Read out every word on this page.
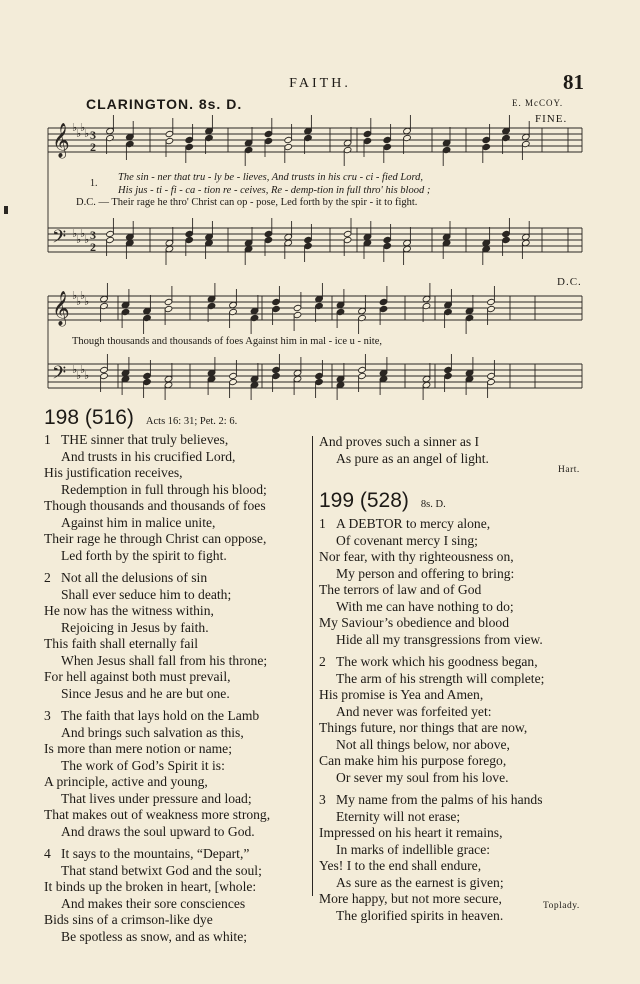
FAITH.	81
CLARINGTON. 8s. D.	E. McCOY.
FINE.
D.C.
𝄞
𝄢
♭
♭
♭
♭
♭
♭
♭
♭
3
2
3
2
𝄞
𝄢
♭
♭
♭
♭
♭
♭
♭
♭
1.
The sin - ner that tru - ly be - lieves, And trusts in his cru - ci - fied Lord,
His jus - ti - fi - ca - tion re - ceives, Re - demp-tion in full thro' his blood ;
D.C. — Their rage he thro' Christ can op - pose, Led forth by the spir - it to fight.
Though thousands and thousands of foes Against him in mal - ice u - nite,
198 (516) Acts 16: 31; Pet. 2: 6.
1 THE sinner that truly believes,
And trusts in his crucified Lord,
His justification receives,
Redemption in full through his blood;
Though thousands and thousands of foes
Against him in malice unite,
Their rage he through Christ can oppose,
Led forth by the spirit to fight.
2 Not all the delusions of sin
Shall ever seduce him to death;
He now has the witness within,
Rejoicing in Jesus by faith.
This faith shall eternally fail
When Jesus shall fall from his throne;
For hell against both must prevail,
Since Jesus and he are but one.
3 The faith that lays hold on the Lamb
And brings such salvation as this,
Is more than mere notion or name;
The work of God’s Spirit it is:
A principle, active and young,
That lives under pressure and load;
That makes out of weakness more strong,
And draws the soul upward to God.
4 It says to the mountains, “Depart,”
That stand betwixt God and the soul;
It binds up the broken in heart, [whole:
And makes their sore consciences
Bids sins of a crimson-like dye
Be spotless as snow, and as white;
And proves such a sinner as I
As pure as an angel of light.
Hart.
199 (528) 8s. D.
1 A DEBTOR to mercy alone,
Of covenant mercy I sing;
Nor fear, with thy righteousness on,
My person and offering to bring:
The terrors of law and of God
With me can have nothing to do;
My Saviour’s obedience and blood
Hide all my transgressions from view.
2 The work which his goodness began,
The arm of his strength will complete;
His promise is Yea and Amen,
And never was forfeited yet:
Things future, nor things that are now,
Not all things below, nor above,
Can make him his purpose forego,
Or sever my soul from his love.
3 My name from the palms of his hands
Eternity will not erase;
Impressed on his heart it remains,
In marks of indellible grace:
Yes! I to the end shall endure,
As sure as the earnest is given;
More happy, but not more secure,
The glorified spirits in heaven.
Toplady.
